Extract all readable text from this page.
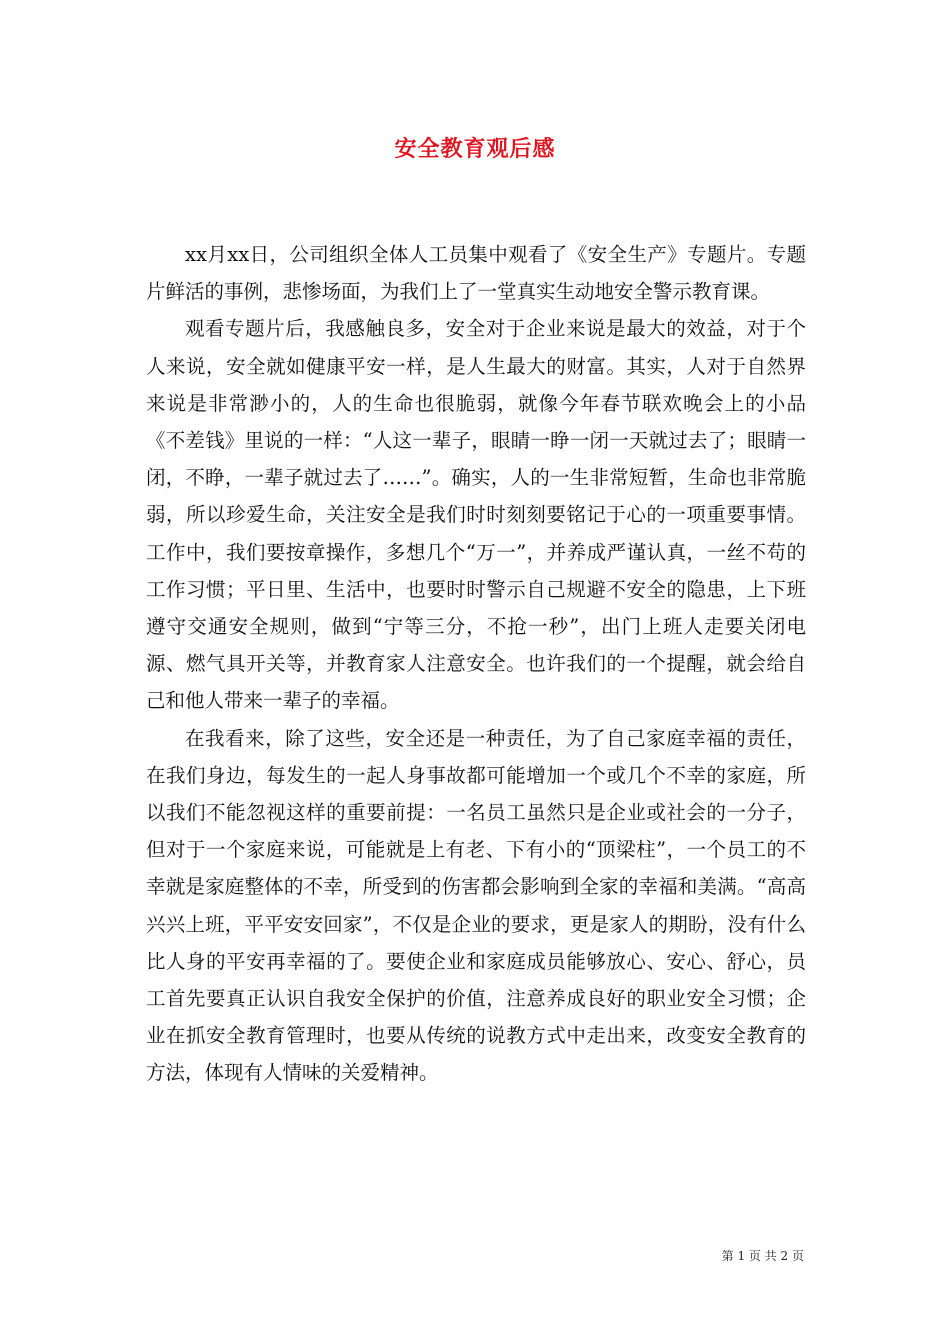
安全教育观后感

xx月xx日，公司组织全体人工员集中观看了《安全生产》专题片。专题片鲜活的事例，悲惨场面，为我们上了一堂真实生动地安全警示教育课。

观看专题片后，我感触良多，安全对于企业来说是最大的效益，对于个人来说，安全就如健康平安一样，是人生最大的财富。其实，人对于自然界来说是非常渺小的，人的生命也很脆弱，就像今年春节联欢晚会上的小品《不差钱》里说的一样：“人这一辈子，眼睛一睁一闭一天就过去了；眼睛一闭，不睁，一辈子就过去了……”。确实，人的一生非常短暂，生命也非常脆弱，所以珍爱生命，关注安全是我们时时刻刻要铭记于心的一项重要事情。工作中，我们要按章操作，多想几个“万一”，并养成严谨认真，一丝不苟的工作习惯；平日里、生活中，也要时时警示自己规避不安全的隐患，上下班遵守交通安全规则，做到“宁等三分，不抢一秒”，出门上班人走要关闭电源、燃气具开关等，并教育家人注意安全。也许我们的一个提醒，就会给自己和他人带来一辈子的幸福。

在我看来，除了这些，安全还是一种责任，为了自己家庭幸福的责任，在我们身边，每发生的一起人身事故都可能增加一个或几个不幸的家庭，所以我们不能忽视这样的重要前提：一名员工虽然只是企业或社会的一分子，但对于一个家庭来说，可能就是上有老、下有小的“顶梁柱”，一个员工的不幸就是家庭整体的不幸，所受到的伤害都会影响到全家的幸福和美满。“高高兴兴上班，平平安安回家”，不仅是企业的要求，更是家人的期盼，没有什么比人身的平安再幸福的了。要使企业和家庭成员能够放心、安心、舒心，员工首先要真正认识自我安全保护的价值，注意养成良好的职业安全习惯；企业在抓安全教育管理时，也要从传统的说教方式中走出来，改变安全教育的方法，体现有人情味的关爱精神。

第 1 页 共 2 页
